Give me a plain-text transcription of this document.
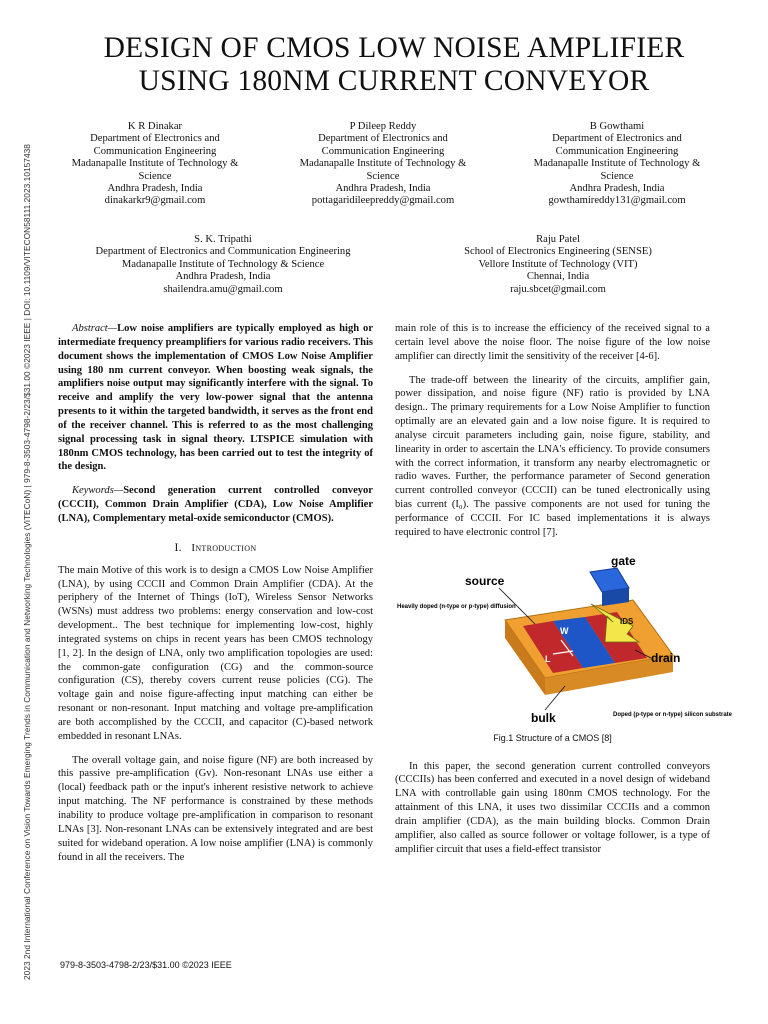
2023 2nd International Conference on Vision Towards Emerging Trends in Communication and Networking Technologies (ViTECoN) | 979-8-3503-4798-2/23/$31.00 ©2023 IEEE | DOI: 10.1109/VITECON58111.2023.10157438
DESIGN OF CMOS LOW NOISE AMPLIFIER
USING 180NM CURRENT CONVEYOR
K R Dinakar
Department of Electronics and
Communication Engineering
Madanapalle Institute of Technology &
Science
Andhra Pradesh, India
dinakarkr9@gmail.com
P Dileep Reddy
Department of Electronics and
Communication Engineering
Madanapalle Institute of Technology &
Science
Andhra Pradesh, India
pottagaridileepreddy@gmail.com
B Gowthami
Department of Electronics and
Communication Engineering
Madanapalle Institute of Technology &
Science
Andhra Pradesh, India
gowthamireddy131@gmail.com
S. K. Tripathi
Department of Electronics and Communication Engineering
Madanapalle Institute of Technology & Science
Andhra Pradesh, India
shailendra.amu@gmail.com
Raju Patel
School of Electronics Engineering (SENSE)
Vellore Institute of Technology (VIT)
Chennai, India
raju.sbcet@gmail.com

Abstract—Low noise amplifiers are typically employed as high or intermediate frequency preamplifiers for various radio receivers. This document shows the implementation of CMOS Low Noise Amplifier using 180 nm current conveyor. When boosting weak signals, the amplifiers noise output may significantly interfere with the signal. To receive and amplify the very low-power signal that the antenna presents to it within the targeted bandwidth, it serves as the front end of the receiver channel. This is referred to as the most challenging signal processing task in signal theory. LTSPICE simulation with 180nm CMOS technology, has been carried out to test the integrity of the design.

Keywords—Second generation current controlled conveyor (CCCII), Common Drain Amplifier (CDA), Low Noise Amplifier (LNA), Complementary metal-oxide semiconductor (CMOS).

I. Introduction

The main Motive of this work is to design a CMOS Low Noise Amplifier (LNA), by using CCCII and Common Drain Amplifier (CDA). At the periphery of the Internet of Things (IoT), Wireless Sensor Networks (WSNs) must address two problems: energy conservation and low-cost development.. The best technique for implementing low-cost, highly integrated systems on chips in recent years has been CMOS technology [1, 2]. In the design of LNA, only two amplification topologies are used: the common-gate configuration (CG) and the common-source configuration (CS), thereby covers current reuse policies (CG). The voltage gain and noise figure-affecting input matching can either be resonant or non-resonant. Input matching and voltage pre-amplification are both accomplished by the CCCII, and capacitor (C)-based network embedded in resonant LNAs.

The overall voltage gain, and noise figure (NF) are both increased by this passive pre-amplification (Gv). Non-resonant LNAs use either a (local) feedback path or the input's inherent resistive network to achieve input matching. The NF performance is constrained by these methods inability to produce voltage pre-amplification in comparison to resonant LNAs [3]. Non-resonant LNAs can be extensively integrated and are best suited for wideband operation. A low noise amplifier (LNA) is commonly found in all the receivers. The

main role of this is to increase the efficiency of the received signal to a certain level above the noise floor. The noise figure of the low noise amplifier can directly limit the sensitivity of the receiver [4-6].

The trade-off between the linearity of the circuits, amplifier gain, power dissipation, and noise figure (NF) ratio is provided by LNA design.. The primary requirements for a Low Noise Amplifier to function optimally are an elevated gain and a low noise figure. It is required to analyse circuit parameters including gain, noise figure, stability, and linearity in order to ascertain the LNA's efficiency. To provide consumers with the correct information, it transform any nearby electromagnetic or radio waves. Further, the performance parameter of Second generation current controlled conveyor (CCCII) can be tuned electronically using bias current (I₀). The passive components are not used for tuning the performance of CCCII. For IC based implementations it is always required to have electronic control [7].

gate
source
drain
bulk
W
L
IDS
Heavily doped (n-type or p-type) diffusion
Doped (p-type or n-type) silicon substrate
Fig.1 Structure of a CMOS [8]

In this paper, the second generation current controlled conveyors (CCCIIs) has been conferred and executed in a novel design of wideband LNA with controllable gain using 180nm CMOS technology. For the attainment of this LNA, it uses two dissimilar CCCIIs and a common drain amplifier (CDA), as the main building blocks. Common Drain amplifier, also called as source follower or voltage follower, is a type of amplifier circuit that uses a field-effect transistor

979-8-3503-4798-2/23/$31.00 ©2023 IEEE
